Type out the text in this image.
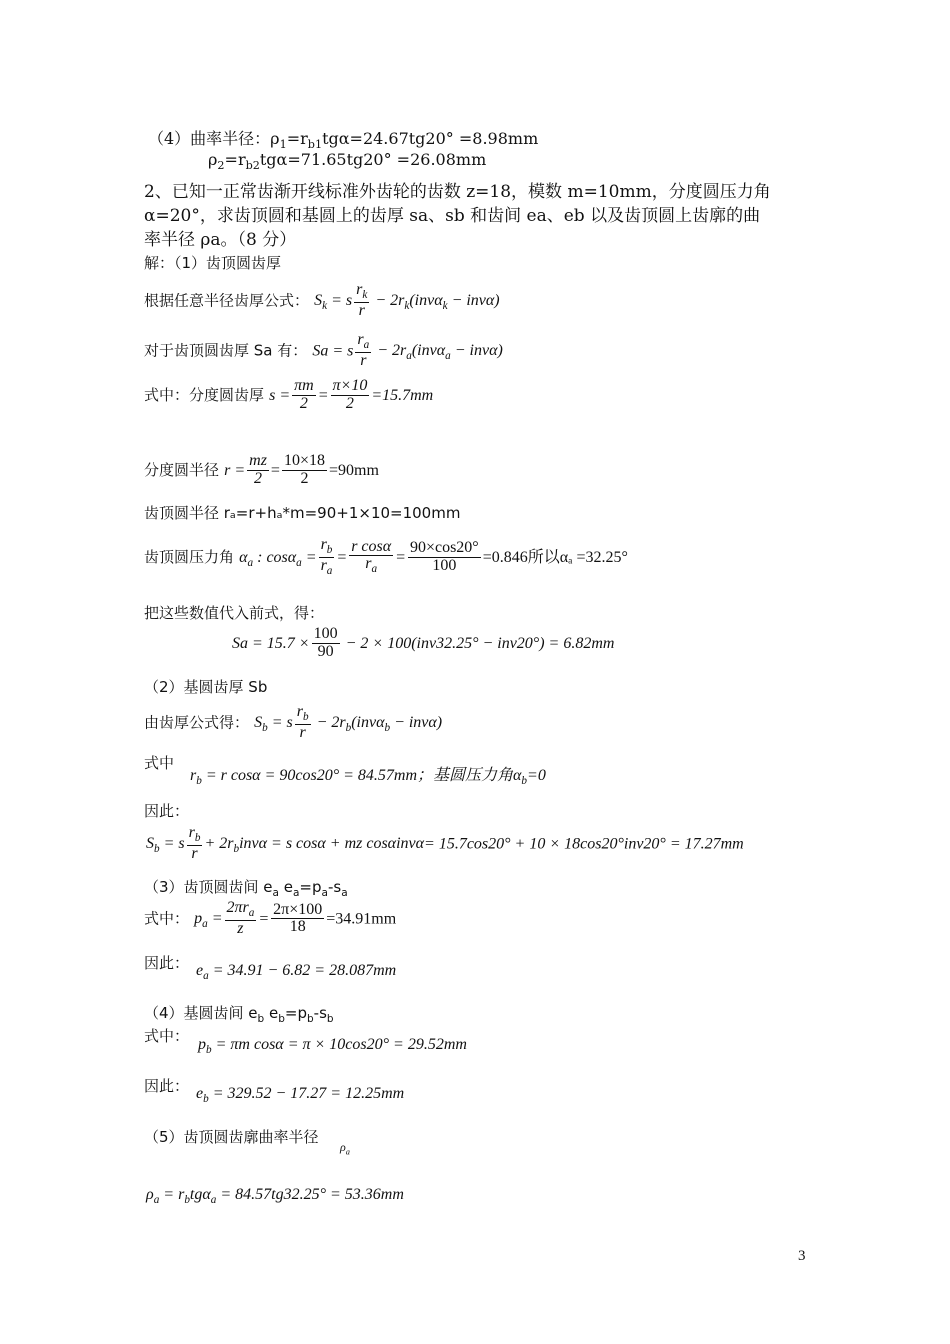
（4）曲率半径：$\rho_1=r_{b1}tg\alpha=24.67tg20^\circ =8.98mm$
$\rho_2=r_{b2}tg\alpha=71.65tg20^\circ =26.08mm$
2、已知一正常齿渐开线标准外齿轮的齿数 z=18，模数 m=10mm，分度圆压力角
α=20°，求齿顶圆和基圆上的齿厚 sa、sb 和齿间 ea、eb 以及齿顶圆上齿廓的曲
率半径 ρa。（8 分）
解：（1）齿顶圆齿厚
根据任意半径齿厚公式： $S_k = s \frac{r_k}{r} - 2r_k(inv\alpha_k - inv\alpha)$
对于齿顶圆齿厚 Sa 有： Sa = s $\frac{r_a}{r} - 2r_a(inv\alpha_a - inv\alpha)$
式中：分度圆齿厚 $s = \frac{\pi m}{2} = \frac{\pi\times 10}{2} =15.7mm$
分度圆半径 $r = \frac{mz}{2} = \frac{10\times 18}{2} =90mm$
齿顶圆半径 rₐ=r+hₐ*m=90+1×10=100mm
齿顶圆压力角 $\alpha_a$ : $\cos\alpha_a = \frac{r_b}{r_a} = \frac{\text{r cosα}}{r_a} = \frac{90\times\cos 20^\circ}{100} =0.846$所以αₐ =32.25°
把这些数值代入前式，得：
$Sa = 15.7 \times \frac{100}{90} - 2 \times 100(inv32.25^\circ - inv20^\circ) = 6.82mm$
（2）基圆齿厚 Sb
由齿厚公式得： $S_b = s \frac{r_b}{r} - 2r_b(inv\alpha_b - inv\alpha)$
式中
$r_b = r$ cosα = 90cos20° = 84.57mm；基圆压力角$\alpha_b=0$
因此：
$S_b = s \frac{r_b}{r} + 2r_binv\alpha = s$ cosα + mz cosαinvα= 15.7cos20° + 10 × 18cos20°inv20° = 17.27mm
（3）齿顶圆齿间 $e_a$ $e_a=p_a-s_a$
式中： $p_a$ =
$2\pi r_a$
z
= $\frac{2\pi\times 100}{18} =34.91mm$
因此： $e_a = 34.91 - 6.82 = 28.087mm$
（4）基圆齿间 $e_b$ $e_b=p_b-s_b$
式中： $p_b = \pi m$ cosα = π × 10cos20° = 29.52mm
因此： $e_b = 329.52 - 17.27 = 12.25mm$
（5）齿顶圆齿廓曲率半径
$\rho_a$
$\rho_a = r_btg\alpha_a = 84.57tg32.25^\circ = 53.36mm$
3
